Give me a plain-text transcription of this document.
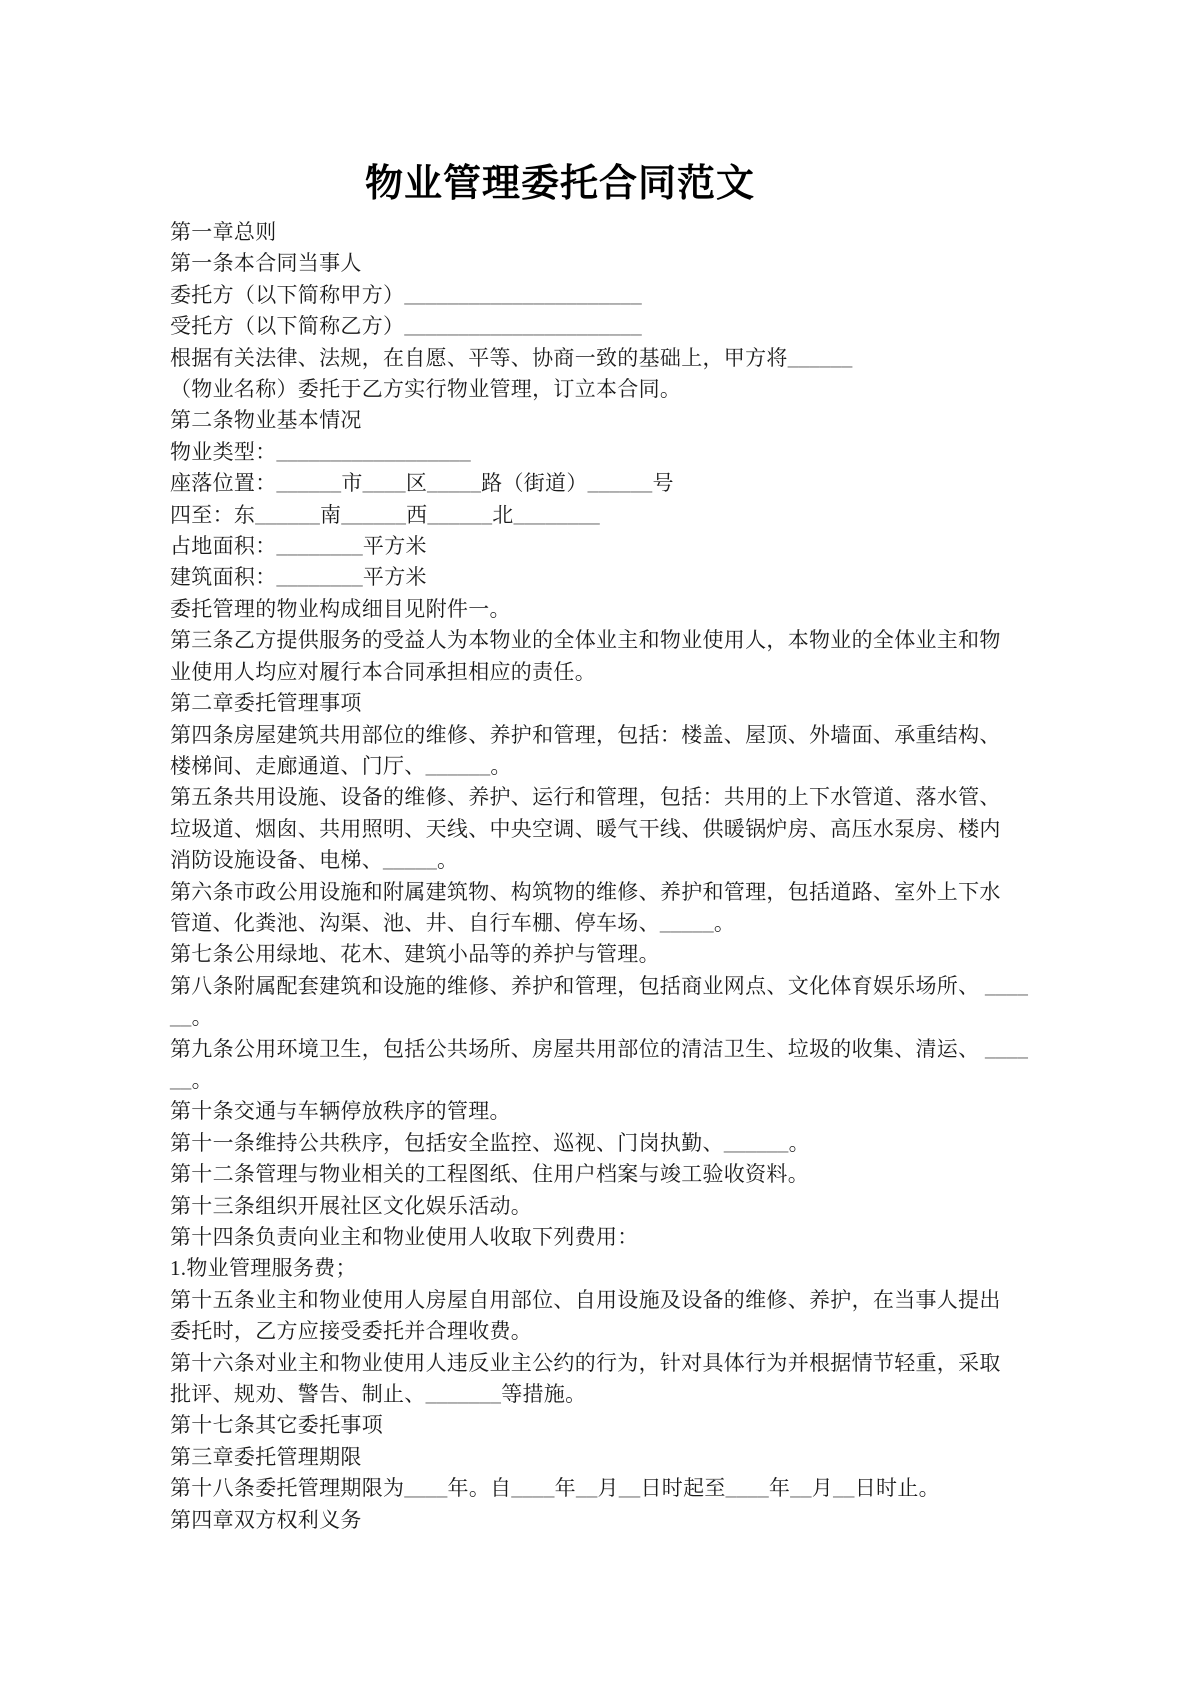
物业管理委托合同范文
第一章总则
第一条本合同当事人
委托方（以下简称甲方）______________________
受托方（以下简称乙方）______________________
根据有关法律、法规，在自愿、平等、协商一致的基础上，甲方将______
（物业名称）委托于乙方实行物业管理，订立本合同。
第二条物业基本情况
物业类型：__________________
座落位置：______市____区_____路（街道）______号
四至：东______南______西______北________
占地面积：________平方米
建筑面积：________平方米
委托管理的物业构成细目见附件一。
第三条乙方提供服务的受益人为本物业的全体业主和物业使用人，本物业的全体业主和物
业使用人均应对履行本合同承担相应的责任。
第二章委托管理事项
第四条房屋建筑共用部位的维修、养护和管理，包括：楼盖、屋顶、外墙面、承重结构、
楼梯间、走廊通道、门厅、______。
第五条共用设施、设备的维修、养护、运行和管理，包括：共用的上下水管道、落水管、
垃圾道、烟囱、共用照明、天线、中央空调、暖气干线、供暖锅炉房、高压水泵房、楼内
消防设施设备、电梯、_____。
第六条市政公用设施和附属建筑物、构筑物的维修、养护和管理，包括道路、室外上下水
管道、化粪池、沟渠、池、井、自行车棚、停车场、_____。
第七条公用绿地、花木、建筑小品等的养护与管理。
第八条附属配套建筑和设施的维修、养护和管理，包括商业网点、文化体育娱乐场所、 ____
__。
第九条公用环境卫生，包括公共场所、房屋共用部位的清洁卫生、垃圾的收集、清运、 ____
__。
第十条交通与车辆停放秩序的管理。
第十一条维持公共秩序，包括安全监控、巡视、门岗执勤、______。
第十二条管理与物业相关的工程图纸、住用户档案与竣工验收资料。
第十三条组织开展社区文化娱乐活动。
第十四条负责向业主和物业使用人收取下列费用：
1.物业管理服务费；
第十五条业主和物业使用人房屋自用部位、自用设施及设备的维修、养护，在当事人提出
委托时，乙方应接受委托并合理收费。
第十六条对业主和物业使用人违反业主公约的行为，针对具体行为并根据情节轻重，采取
批评、规劝、警告、制止、_______等措施。
第十七条其它委托事项
第三章委托管理期限
第十八条委托管理期限为____年。自____年__月__日时起至____年__月__日时止。
第四章双方权利义务
